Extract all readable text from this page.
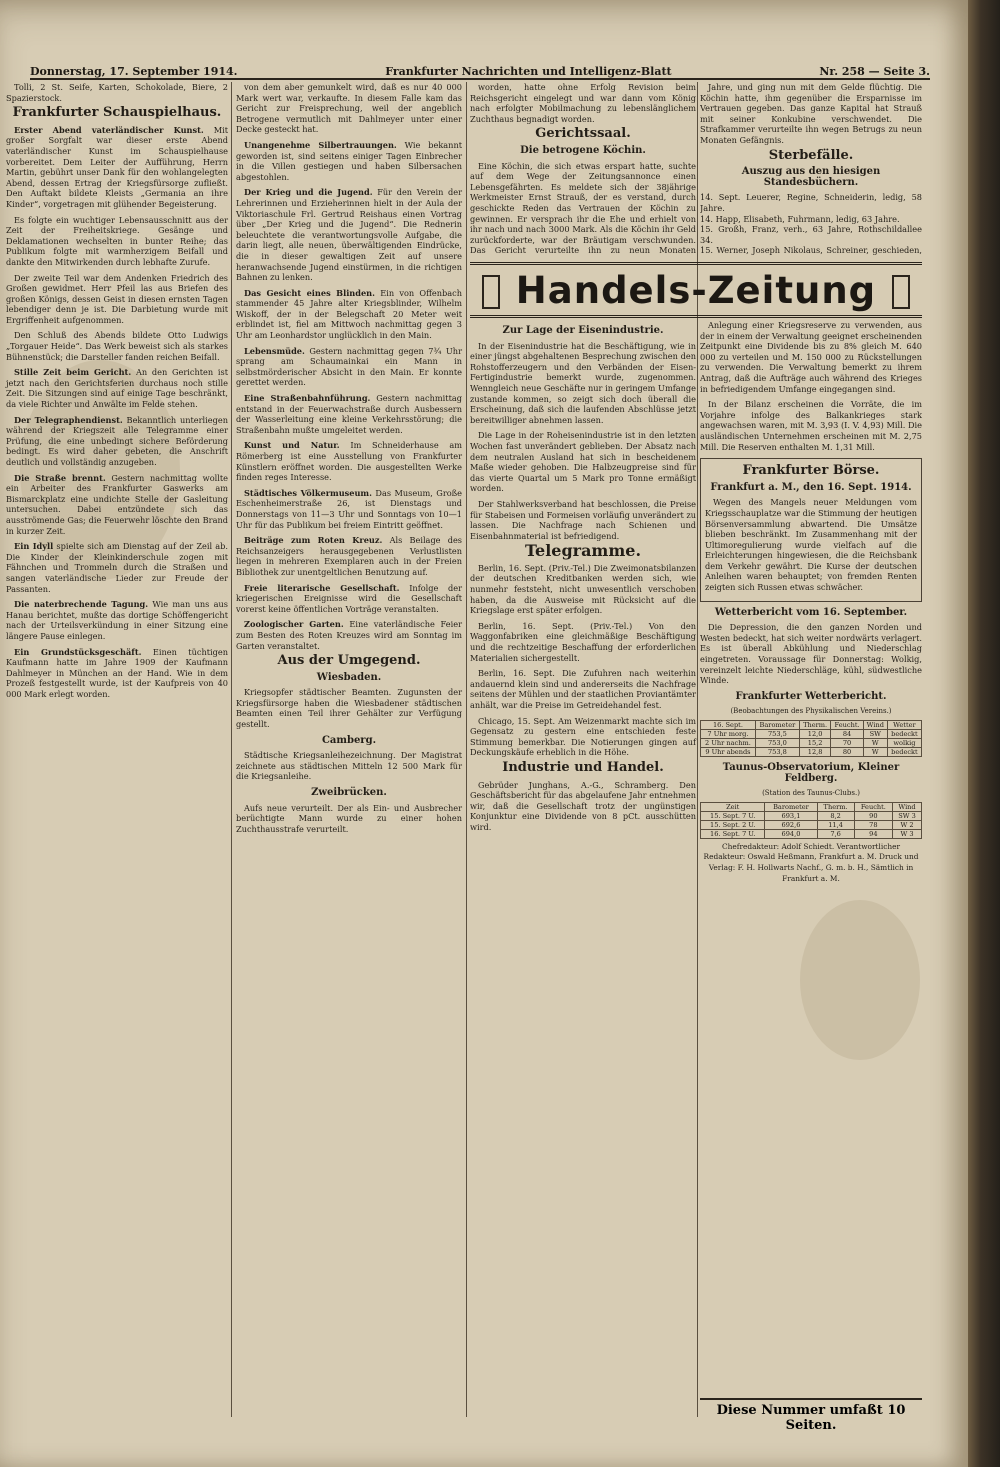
Donnerstag, 17. September 1914.	Frankfurter Nachrichten und Intelligenz-Blatt	Nr. 258 — Seite 3.

Tolli, 2 St. Seife, Karten, Schokolade, Biere, 2 Spazierstock.

Frankfurter Schauspielhaus.

Erster Abend vaterländischer Kunst. Mit großer Sorgfalt war dieser erste Abend vaterländischer Kunst im Schauspielhause vorbereitet. Dem Leiter der Aufführung, Herrn Martin, gebührt unser Dank für den wohlangelegten Abend, dessen Ertrag der Kriegsfürsorge zufließt. Den Auftakt bildete Kleists „Germania an ihre Kinder“, vorgetragen mit glühender Begeisterung.

Es folgte ein wuchtiger Lebensausschnitt aus der Zeit der Freiheitskriege. Gesänge und Deklamationen wechselten in bunter Reihe; das Publikum folgte mit warmherzigem Beifall und dankte den Mitwirkenden durch lebhafte Zurufe.

Der zweite Teil war dem Andenken Friedrich des Großen gewidmet. Herr Pfeil las aus Briefen des großen Königs, dessen Geist in diesen ernsten Tagen lebendiger denn je ist. Die Darbietung wurde mit Ergriffenheit aufgenommen.

Den Schluß des Abends bildete Otto Ludwigs „Torgauer Heide“. Das Werk beweist sich als starkes Bühnenstück; die Darsteller fanden reichen Beifall.

Stille Zeit beim Gericht. An den Gerichten ist jetzt nach den Gerichtsferien durchaus noch stille Zeit. Die Sitzungen sind auf einige Tage beschränkt, da viele Richter und Anwälte im Felde stehen.

Der Telegraphendienst. Bekanntlich unterliegen während der Kriegszeit alle Telegramme einer Prüfung, die eine unbedingt sichere Beförderung bedingt. Es wird daher gebeten, die Anschrift deutlich und vollständig anzugeben.

Die Straße brennt. Gestern nachmittag wollte ein Arbeiter des Frankfurter Gaswerks am Bismarckplatz eine undichte Stelle der Gasleitung untersuchen. Dabei entzündete sich das ausströmende Gas; die Feuerwehr löschte den Brand in kurzer Zeit.

Ein Idyll spielte sich am Dienstag auf der Zeil ab. Die Kinder der Kleinkinderschule zogen mit Fähnchen und Trommeln durch die Straßen und sangen vaterländische Lieder zur Freude der Passanten.

Die naterbrechende Tagung. Wie man uns aus Hanau berichtet, mußte das dortige Schöffengericht nach der Urteilsverkündung in einer Sitzung eine längere Pause einlegen.

Ein Grundstücksgeschäft. Einen tüchtigen Kaufmann hatte im Jahre 1909 der Kaufmann Dahlmeyer in München an der Hand. Wie in dem Prozeß festgestellt wurde, ist der Kaufpreis von 40 000 Mark erlegt worden.

von dem aber gemunkelt wird, daß es nur 40 000 Mark wert war, verkaufte. In diesem Falle kam das Gericht zur Freisprechung, weil der angeblich Betrogene vermutlich mit Dahlmeyer unter einer Decke gesteckt hat.

Unangenehme Silbertrauungen. Wie bekannt geworden ist, sind seitens einiger Tagen Einbrecher in die Villen gestiegen und haben Silbersachen abgestohlen.

Der Krieg und die Jugend. Für den Verein der Lehrerinnen und Erzieherinnen hielt in der Aula der Viktoriaschule Frl. Gertrud Reishaus einen Vortrag über „Der Krieg und die Jugend“. Die Rednerin beleuchtete die verantwortungsvolle Aufgabe, die darin liegt, alle neuen, überwältigenden Eindrücke, die in dieser gewaltigen Zeit auf unsere heranwachsende Jugend einstürmen, in die richtigen Bahnen zu lenken.

Das Gesicht eines Blinden. Ein von Offenbach stammender 45 Jahre alter Kriegsblinder, Wilhelm Wiskoff, der in der Belegschaft 20 Meter weit erblindet ist, fiel am Mittwoch nachmittag gegen 3 Uhr am Leonhardstor unglücklich in den Main.

Lebensmüde. Gestern nachmittag gegen 7¾ Uhr sprang am Schaumainkai ein Mann in selbstmörderischer Absicht in den Main. Er konnte gerettet werden.

Eine Straßenbahnführung. Gestern nachmittag entstand in der Feuerwachstraße durch Ausbessern der Wasserleitung eine kleine Verkehrsstörung; die Straßenbahn mußte umgeleitet werden.

Kunst und Natur. Im Schneiderhause am Römerberg ist eine Ausstellung von Frankfurter Künstlern eröffnet worden. Die ausgestellten Werke finden reges Interesse.

Städtisches Völkermuseum. Das Museum, Große Eschenheimerstraße 26, ist Dienstags und Donnerstags von 11—3 Uhr und Sonntags von 10—1 Uhr für das Publikum bei freiem Eintritt geöffnet.

Beiträge zum Roten Kreuz. Als Beilage des Reichsanzeigers herausgegebenen Verlustlisten liegen in mehreren Exemplaren auch in der Freien Bibliothek zur unentgeltlichen Benutzung auf.

Freie literarische Gesellschaft. Infolge der kriegerischen Ereignisse wird die Gesellschaft vorerst keine öffentlichen Vorträge veranstalten.

Zoologischer Garten. Eine vaterländische Feier zum Besten des Roten Kreuzes wird am Sonntag im Garten veranstaltet.

Aus der Umgegend.
Wiesbaden.

Kriegsopfer städtischer Beamten. Zugunsten der Kriegsfürsorge haben die Wiesbadener städtischen Beamten einen Teil ihrer Gehälter zur Verfügung gestellt.

Camberg.

Städtische Kriegsanleihezeichnung. Der Magistrat zeichnete aus städtischen Mitteln 12 500 Mark für die Kriegsanleihe.

Zweibrücken.

Aufs neue verurteilt. Der als Ein- und Ausbrecher berüchtigte Mann wurde zu einer hohen Zuchthausstrafe verurteilt.

worden, hatte ohne Erfolg Revision beim Reichsgericht eingelegt und war dann vom König nach erfolgter Mobilmachung zu lebenslänglichem Zuchthaus begnadigt worden.

Gerichtssaal.
Die betrogene Köchin.

Eine Köchin, die sich etwas erspart hatte, suchte auf dem Wege der Zeitungsannonce einen Lebensgefährten. Es meldete sich der 38jährige Werkmeister Ernst Strauß, der es verstand, durch geschickte Reden das Vertrauen der Köchin zu gewinnen. Er versprach ihr die Ehe und erhielt von ihr nach und nach 3000 Mark. Als die Köchin ihr Geld zurückforderte, war der Bräutigam verschwunden. Das Gericht verurteilte ihn zu neun Monaten

Jahre, und ging nun mit dem Gelde flüchtig. Die Köchin hatte, ihm gegenüber die Ersparnisse im Vertrauen gegeben. Das ganze Kapital hat Strauß mit seiner Konkubine verschwendet. Die Strafkammer verurteilte ihn wegen Betrugs zu neun Monaten Gefängnis.

Sterbefälle.
Auszug aus den hiesigen Standesbüchern.
14. Sept. Leuerer, Regine, Schneiderin, ledig, 58 Jahre.
14. Happ, Elisabeth, Fuhrmann, ledig, 63 Jahre.
15. Großh, Franz, verh., 63 Jahre, Rothschildallee 34.
15. Werner, Joseph Nikolaus, Schreiner, geschieden,
Handels-Zeitung
Zur Lage der Eisenindustrie.

In der Eisenindustrie hat die Beschäftigung, wie in einer jüngst abgehaltenen Besprechung zwischen den Rohstofferzeugern und den Verbänden der Eisen-Fertigindustrie bemerkt wurde, zugenommen. Wenngleich neue Geschäfte nur in geringem Umfange zustande kommen, so zeigt sich doch überall die Erscheinung, daß sich die laufenden Abschlüsse jetzt bereitwilliger abnehmen lassen.

Die Lage in der Roheisenindustrie ist in den letzten Wochen fast unverändert geblieben. Der Absatz nach dem neutralen Ausland hat sich in bescheidenem Maße wieder gehoben. Die Halbzeugpreise sind für das vierte Quartal um 5 Mark pro Tonne ermäßigt worden.

Der Stahlwerksverband hat beschlossen, die Preise für Stabeisen und Formeisen vorläufig unverändert zu lassen. Die Nachfrage nach Schienen und Eisenbahnmaterial ist befriedigend.

Telegramme.

Berlin, 16. Sept. (Priv.-Tel.) Die Zweimonatsbilanzen der deutschen Kreditbanken werden sich, wie nunmehr feststeht, nicht unwesentlich verschoben haben, da die Ausweise mit Rücksicht auf die Kriegslage erst später erfolgen.

Berlin, 16. Sept. (Priv.-Tel.) Von den Waggonfabriken eine gleichmäßige Beschäftigung und die rechtzeitige Beschaffung der erforderlichen Materialien sichergestellt.

Berlin, 16. Sept. Die Zufuhren nach weiterhin andauernd klein sind und andererseits die Nachfrage seitens der Mühlen und der staatlichen Proviantämter anhält, war die Preise im Getreidehandel fest.

Chicago, 15. Sept. Am Weizenmarkt machte sich im Gegensatz zu gestern eine entschieden feste Stimmung bemerkbar. Die Notierungen gingen auf Deckungskäufe erheblich in die Höhe.

Industrie und Handel.

Gebrüder Junghans, A.-G., Schramberg. Den Geschäftsbericht für das abgelaufene Jahr entnehmen wir, daß die Gesellschaft trotz der ungünstigen Konjunktur eine Dividende von 8 pCt. ausschütten wird.

Anlegung einer Kriegsreserve zu verwenden, aus der in einem der Verwaltung geeignet erscheinenden Zeitpunkt eine Dividende bis zu 8% gleich M. 640 000 zu verteilen und M. 150 000 zu Rückstellungen zu verwenden. Die Verwaltung bemerkt zu ihrem Antrag, daß die Aufträge auch während des Krieges in befriedigendem Umfange eingegangen sind.

In der Bilanz erscheinen die Vorräte, die im Vorjahre infolge des Balkankrieges stark angewachsen waren, mit M. 3,93 (I. V. 4,93) Mill. Die ausländischen Unternehmen erscheinen mit M. 2,75 Mill. Die Reserven enthalten M. 1,31 Mill.

Frankfurter Börse.
Frankfurt a. M., den 16. Sept. 1914.

Wegen des Mangels neuer Meldungen vom Kriegsschauplatze war die Stimmung der heutigen Börsenversammlung abwartend. Die Umsätze blieben beschränkt. Im Zusammenhang mit der Ultimoregulierung wurde vielfach auf die Erleichterungen hingewiesen, die die Reichsbank dem Verkehr gewährt. Die Kurse der deutschen Anleihen waren behauptet; von fremden Renten zeigten sich Russen etwas schwächer.

Wetterbericht vom 16. September.

Die Depression, die den ganzen Norden und Westen bedeckt, hat sich weiter nordwärts verlagert. Es ist überall Abkühlung und Niederschlag eingetreten. Voraussage für Donnerstag: Wolkig, vereinzelt leichte Niederschläge, kühl, südwestliche Winde.

Frankfurter Wetterbericht.
(Beobachtungen des Physikalischen Vereins.)
16. Sept.	Barometer	Therm.	Feucht.	Wind	Wetter
7 Uhr morg.	753,5	12,0	84	SW	bedeckt
2 Uhr nachm.	753,0	15,2	70	W	wolkig
9 Uhr abends	753,8	12,8	80	W	bedeckt
Taunus-Observatorium, Kleiner Feldberg.
(Station des Taunus-Clubs.)
Zeit	Barometer	Therm.	Feucht.	Wind
15. Sept. 7 U.	693,1	8,2	90	SW 3
15. Sept. 2 U.	692,6	11,4	78	W 2
16. Sept. 7 U.	694,0	7,6	94	W 3

Chefredakteur: Adolf Schiedt. Verantwortlicher Redakteur: Oswald Heßmann, Frankfurt a. M. Druck und Verlag: F. H. Hollwarts Nachf., G. m. b. H., Sämtlich in Frankfurt a. M.

Diese Nummer umfaßt 10 Seiten.
